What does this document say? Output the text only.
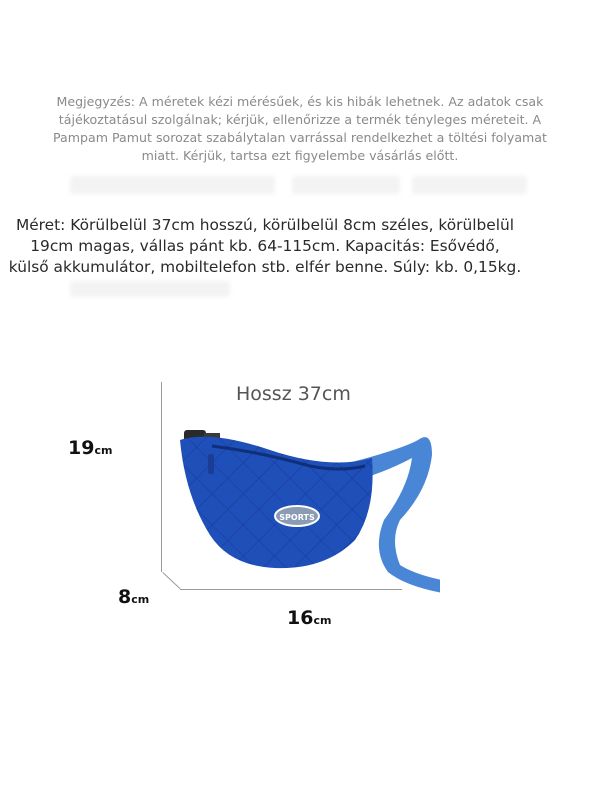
Megjegyzés: A méretek kézi mérésűek, és kis hibák lehetnek. Az adatok csak
tájékoztatásul szolgálnak; kérjük, ellenőrizze a termék tényleges méreteit. A
Pampam Pamut sorozat szabálytalan varrással rendelkezhet a töltési folyamat
miatt. Kérjük, tartsa ezt figyelembe vásárlás előtt.
Méret: Körülbelül 37cm hosszú, körülbelül 8cm széles, körülbelül
19cm magas, vállas pánt kb. 64-115cm. Kapacitás: Esővédő,
külső akkumulátor, mobiltelefon stb. elfér benne. Súly: kb. 0,15kg.
Hossz 37cm
19cm
8cm
16cm
SPORTS
